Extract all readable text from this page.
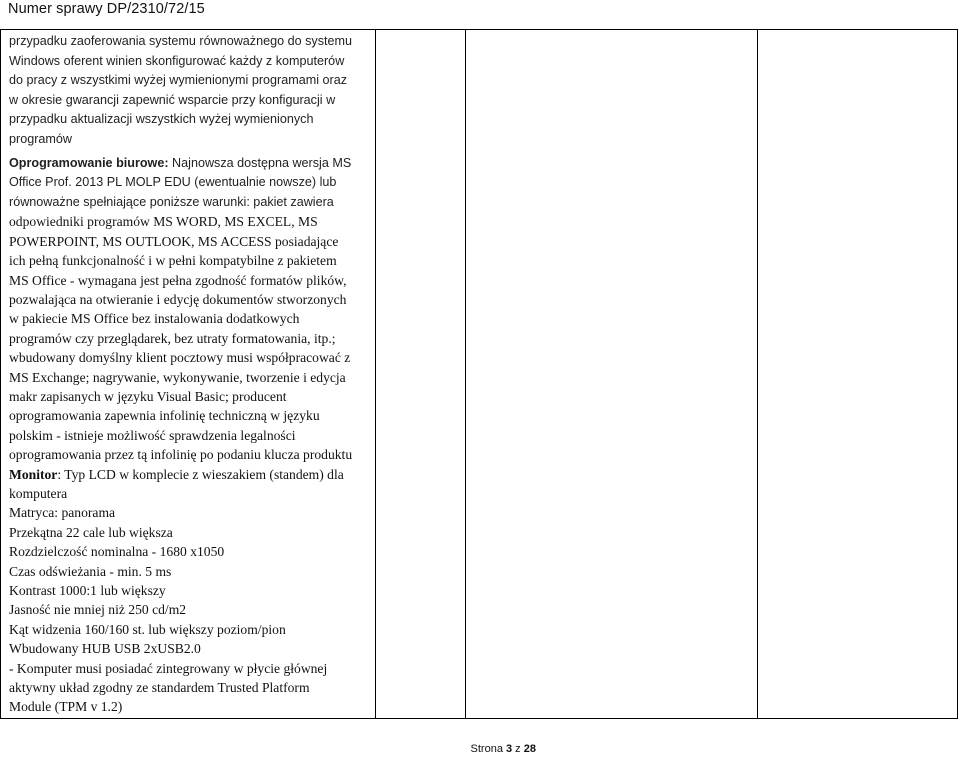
Numer sprawy DP/2310/72/15

przypadku zaoferowania systemu równoważnego do systemu
Windows oferent winien skonfigurować każdy z komputerów
do pracy z wszystkimi wyżej wymienionymi programami oraz
w okresie gwarancji zapewnić wsparcie przy konfiguracji w
przypadku aktualizacji wszystkich wyżej wymienionych
programów

Oprogramowanie biurowe: Najnowsza dostępna wersja MS
Office Prof. 2013 PL MOLP EDU (ewentualnie nowsze) lub
równoważne spełniające poniższe warunki: pakiet zawiera

odpowiedniki programów MS WORD, MS EXCEL, MS
POWERPOINT, MS OUTLOOK, MS ACCESS posiadające
ich pełną funkcjonalność i w pełni kompatybilne z pakietem
MS Office - wymagana jest pełna zgodność formatów plików,
pozwalająca na otwieranie i edycję dokumentów stworzonych
w pakiecie MS Office bez instalowania dodatkowych
programów czy przeglądarek, bez utraty formatowania, itp.;
wbudowany domyślny klient pocztowy musi współpracować z
MS Exchange; nagrywanie, wykonywanie, tworzenie i edycja
makr zapisanych w języku Visual Basic; producent
oprogramowania zapewnia infolinię techniczną w języku
polskim - istnieje możliwość sprawdzenia legalności
oprogramowania przez tą infolinię po podaniu klucza produktu

Monitor: Typ LCD w komplecie z wieszakiem (standem) dla
komputera

Matryca: panorama

Przekątna 22 cale lub większa

Rozdzielczość nominalna - 1680 x1050

Czas odświeżania - min. 5 ms

Kontrast 1000:1 lub większy

Jasność nie mniej niż 250 cd/m2

Kąt widzenia 160/160 st. lub większy poziom/pion

Wbudowany HUB USB 2xUSB2.0

- Komputer musi posiadać zintegrowany w płycie głównej
aktywny układ zgodny ze standardem Trusted Platform
Module (TPM v 1.2)

Strona 3 z 28
